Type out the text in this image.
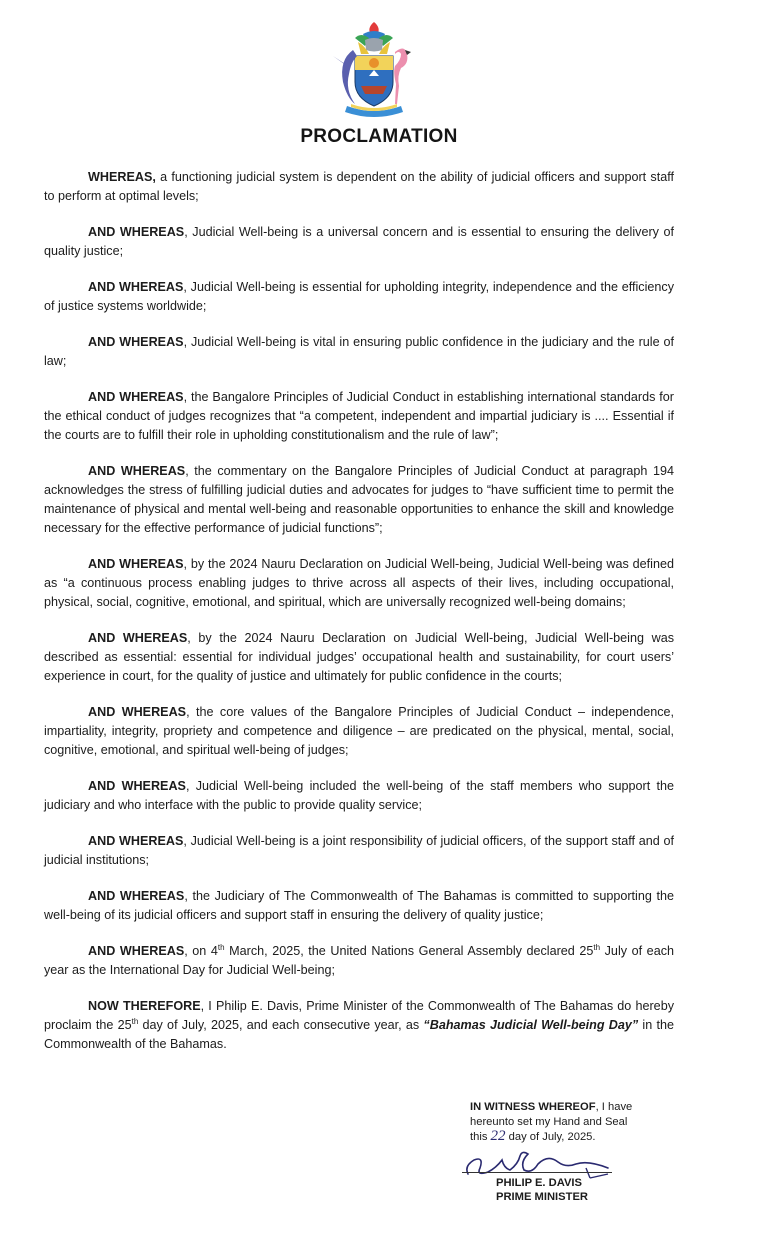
PROCLAMATION

WHEREAS, a functioning judicial system is dependent on the ability of judicial officers and support staff to perform at optimal levels;

AND WHEREAS, Judicial Well-being is a universal concern and is essential to ensuring the delivery of quality justice;

AND WHEREAS, Judicial Well-being is essential for upholding integrity, independence and the efficiency of justice systems worldwide;

AND WHEREAS, Judicial Well-being is vital in ensuring public confidence in the judiciary and the rule of law;

AND WHEREAS, the Bangalore Principles of Judicial Conduct in establishing international standards for the ethical conduct of judges recognizes that “a competent, independent and impartial judiciary is .... Essential if the courts are to fulfill their role in upholding constitutionalism and the rule of law”;

AND WHEREAS, the commentary on the Bangalore Principles of Judicial Conduct at paragraph 194 acknowledges the stress of fulfilling judicial duties and advocates for judges to “have sufficient time to permit the maintenance of physical and mental well-being and reasonable opportunities to enhance the skill and knowledge necessary for the effective performance of judicial functions”;

AND WHEREAS, by the 2024 Nauru Declaration on Judicial Well-being, Judicial Well-being was defined as “a continuous process enabling judges to thrive across all aspects of their lives, including occupational, physical, social, cognitive, emotional, and spiritual, which are universally recognized well-being domains;

AND WHEREAS, by the 2024 Nauru Declaration on Judicial Well-being, Judicial Well-being was described as essential: essential for individual judges’ occupational health and sustainability, for court users’ experience in court, for the quality of justice and ultimately for public confidence in the courts;

AND WHEREAS, the core values of the Bangalore Principles of Judicial Conduct – independence, impartiality, integrity, propriety and competence and diligence – are predicated on the physical, mental, social, cognitive, emotional, and spiritual well-being of judges;

AND WHEREAS, Judicial Well-being included the well-being of the staff members who support the judiciary and who interface with the public to provide quality service;

AND WHEREAS, Judicial Well-being is a joint responsibility of judicial officers, of the support staff and of judicial institutions;

AND WHEREAS, the Judiciary of The Commonwealth of The Bahamas is committed to supporting the well-being of its judicial officers and support staff in ensuring the delivery of quality justice;

AND WHEREAS, on 4th March, 2025, the United Nations General Assembly declared 25th July of each year as the International Day for Judicial Well-being;

NOW THEREFORE, I Philip E. Davis, Prime Minister of the Commonwealth of The Bahamas do hereby proclaim the 25th day of July, 2025, and each consecutive year, as “Bahamas Judicial Well-being Day” in the Commonwealth of the Bahamas.

IN WITNESS WHEREOF, I have
hereunto set my Hand and Seal
this 22 day of July, 2025.
PHILIP E. DAVIS
PRIME MINISTER
